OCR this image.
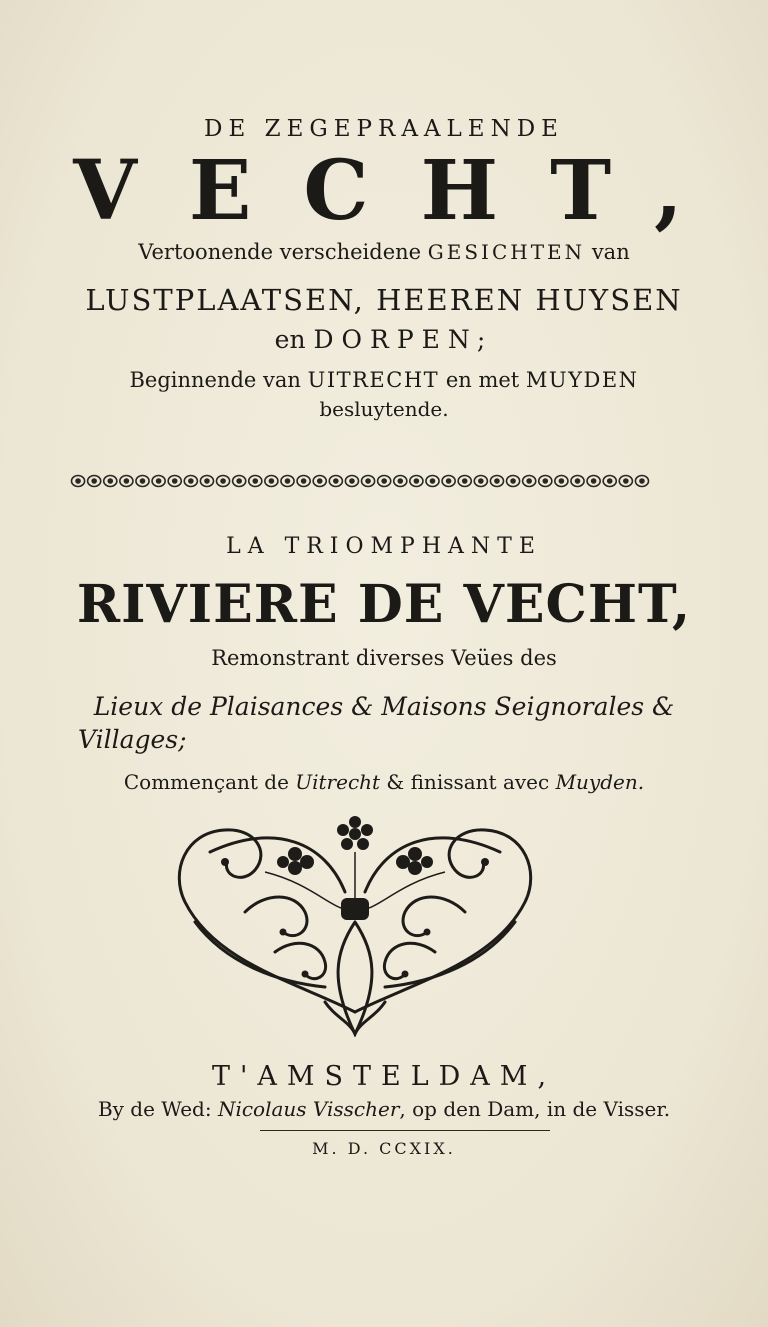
DE ZEGEPRAALENDE
VECHT,
Vertoonende verscheidene GESICHTEN van
LUSTPLAATSEN, HEEREN HUYSEN
en DORPEN;
Beginnende van UITRECHT en met MUYDEN
besluytende.
LA TRIOMPHANTE
RIVIERE DE VECHT,
Remonstrant diverses Veües des
Lieux de Plaisances & Maisons Seignorales &
Villages;
Commençant de Uitrecht & finissant avec Muyden.
T'AMSTELDAM,
By de Wed: Nicolaus Visscher, op den Dam, in de Visser.
M. D. CCXIX.
